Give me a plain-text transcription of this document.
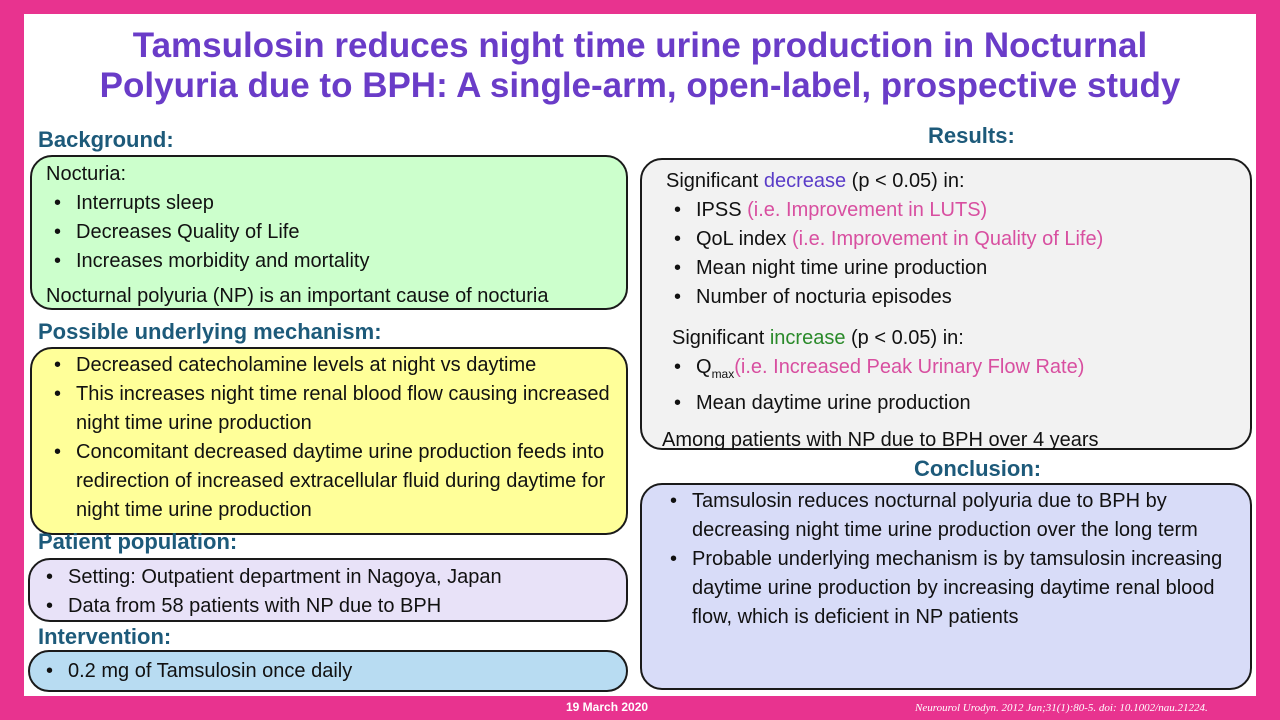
Tamsulosin reduces night time urine production in Nocturnal
Polyuria due to BPH: A single-arm, open-label, prospective study
Background:
Nocturia:
• Interrupts sleep
• Decreases Quality of Life
• Increases morbidity and mortality
Nocturnal polyuria (NP) is an important cause of nocturia
Possible underlying mechanism:
• Decreased catecholamine levels at night vs daytime
• This increases night time renal blood flow causing increased night time urine production
• Concomitant decreased daytime urine production feeds into redirection of increased extracellular fluid during daytime for night time urine production
Patient population:
• Setting: Outpatient department in Nagoya, Japan
• Data from 58 patients with NP due to BPH
Intervention:
• 0.2 mg of Tamsulosin once daily
Results:
Significant decrease (p < 0.05) in:
• IPSS (i.e. Improvement in LUTS)
• QoL index (i.e. Improvement in Quality of Life)
• Mean night time urine production
• Number of nocturia episodes
Significant increase (p < 0.05) in:
• $Q_{max}(i.e$. Increased Peak Urinary Flow Rate)
• Mean daytime urine production
Among patients with NP due to BPH over 4 years
Conclusion:
• Tamsulosin reduces nocturnal polyuria due to BPH by decreasing night time urine production over the long term
• Probable underlying mechanism is by tamsulosin increasing daytime urine production by increasing daytime renal blood flow, which is deficient in NP patients
19 March 2020	Neurourol Urodyn. 2012 Jan;31(1):80-5. doi: 10.1002/nau.21224.
